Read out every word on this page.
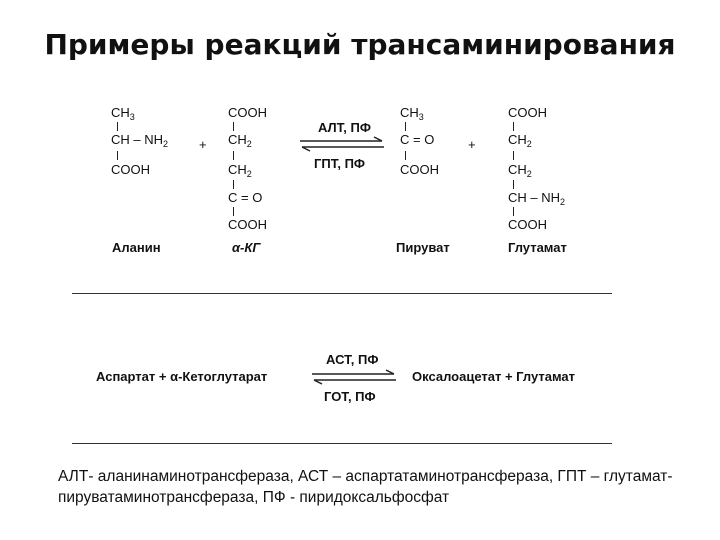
Примеры реакций трансаминирования
$CH_3$
CH – $NH_2$
COOH
+
COOH
$CH_2$
$CH_2$
C = O
COOH
АЛТ, ПФ
ГПТ, ПФ
$CH_3$
C = O
COOH
+
COOH
$CH_2$
$CH_2$
CH – $NH_2$
COOH
Аланин	α-КГ	Пируват	Глутамат
Аспартат + α-Кетоглутарат
АСТ, ПФ
ГОТ, ПФ
Оксалоацетат + Глутамат
АЛТ- аланинаминотрансфераза, АСТ – аспартатаминотрансфераза, ГПТ – глутамат-пируватаминотрансфераза, ПФ - пиридоксальфосфат
